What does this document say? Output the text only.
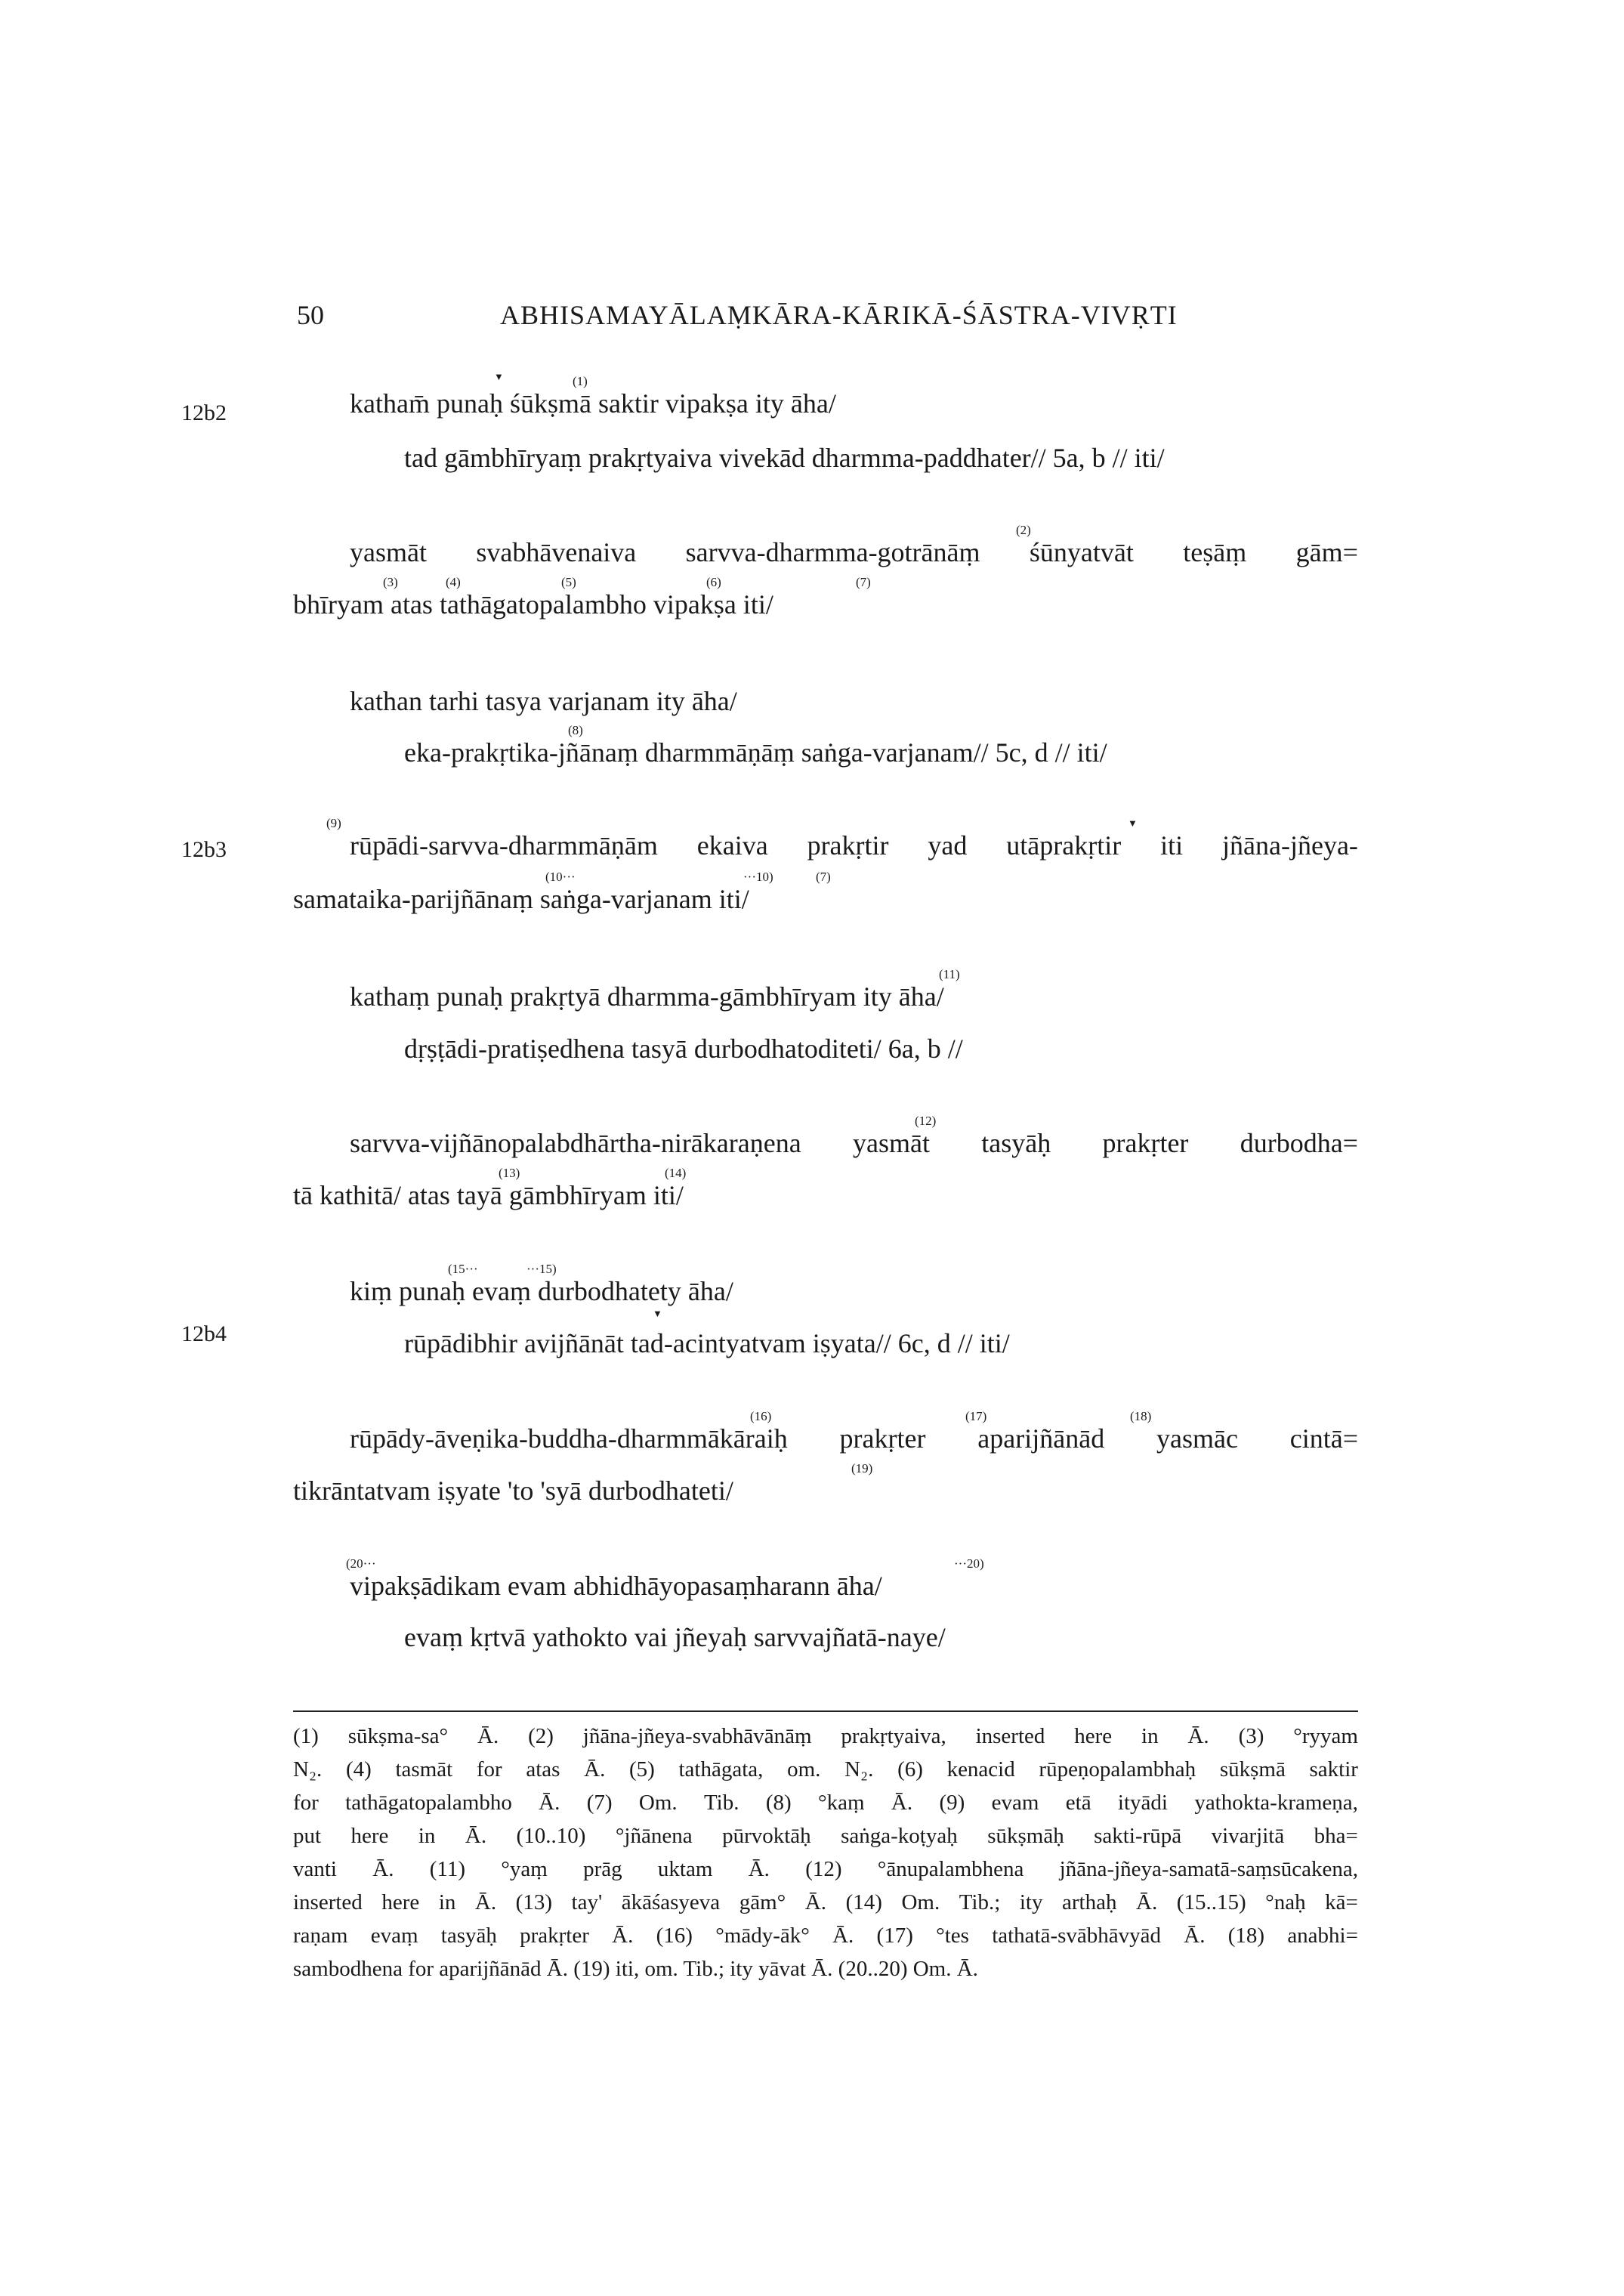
50	ABHISAMAYĀLAṂKĀRA-KĀRIKĀ-ŚĀSTRA-VIVṚTI
12b2
12b3
12b4
▼	(1)
(2)
(3)	(4)	(5)	(6)	(7)
(8)
(9)	▼
(10···	···10)	(7)
(11)
(12)
(13)	(14)
(15···	···15)
▼
(16)	(17)	(18)
(19)
(20···	···20)
katham̄ punaḥ śūkṣmā saktir vipakṣa ity āha/
tad gāmbhīryaṃ prakṛtyaiva vivekād dharmma-paddhater// 5a, b // iti/
yasmāt svabhāvenaiva sarvva-dharmma-gotrānāṃ śūnyatvāt teṣāṃ gām=
bhīryam atas tathāgatopalambho vipakṣa iti/
kathan tarhi tasya varjanam ity āha/
eka-prakṛtika-jñānaṃ dharmmāṇāṃ saṅga-varjanam// 5c, d // iti/
rūpādi-sarvva-dharmmāṇām ekaiva prakṛtir yad utāprakṛtir iti jñāna-jñeya-
samataika-parijñānaṃ saṅga-varjanam iti/
kathaṃ punaḥ prakṛtyā dharmma-gāmbhīryam ity āha/
dṛṣṭādi-pratiṣedhena tasyā durbodhatoditeti/ 6a, b //
sarvva-vijñānopalabdhārtha-nirākaraṇena yasmāt tasyāḥ prakṛter durbodha=
tā kathitā/ atas tayā gāmbhīryam iti/
kiṃ punaḥ evaṃ durbodhatety āha/
rūpādibhir avijñānāt tad-acintyatvam iṣyata// 6c, d // iti/
rūpādy-āveṇika-buddha-dharmmākāraiḥ prakṛter aparijñānād yasmāc cintā=
tikrāntatvam iṣyate 'to 'syā durbodhateti/
vipakṣādikam evam abhidhāyopasaṃharann āha/
evaṃ kṛtvā yathokto vai jñeyaḥ sarvvajñatā-naye/
(1) sūkṣma-sa° Ā. (2) jñāna-jñeya-svabhāvānāṃ prakṛtyaiva, inserted here in Ā. (3) °ryyam
N₂. (4) tasmāt for atas Ā. (5) tathāgata, om. N₂. (6) kenacid rūpeṇopalambhaḥ sūkṣmā saktir
for tathāgatopalambho Ā. (7) Om. Tib. (8) °kaṃ Ā. (9) evam etā ityādi yathokta-krameṇa,
put here in Ā. (10..10) °jñānena pūrvoktāḥ saṅga-koṭyaḥ sūkṣmāḥ sakti-rūpā vivarjitā bha=
vanti Ā. (11) °yaṃ prāg uktam Ā. (12) °ānupalambhena jñāna-jñeya-samatā-saṃsūcakena,
inserted here in Ā. (13) tay' ākāśasyeva gām° Ā. (14) Om. Tib.; ity arthaḥ Ā. (15..15) °naḥ kā=
raṇam evaṃ tasyāḥ prakṛter Ā. (16) °mādy-āk° Ā. (17) °tes tathatā-svābhāvyād Ā. (18) anabhi=
sambodhena for aparijñānād Ā. (19) iti, om. Tib.; ity yāvat Ā. (20..20) Om. Ā.
